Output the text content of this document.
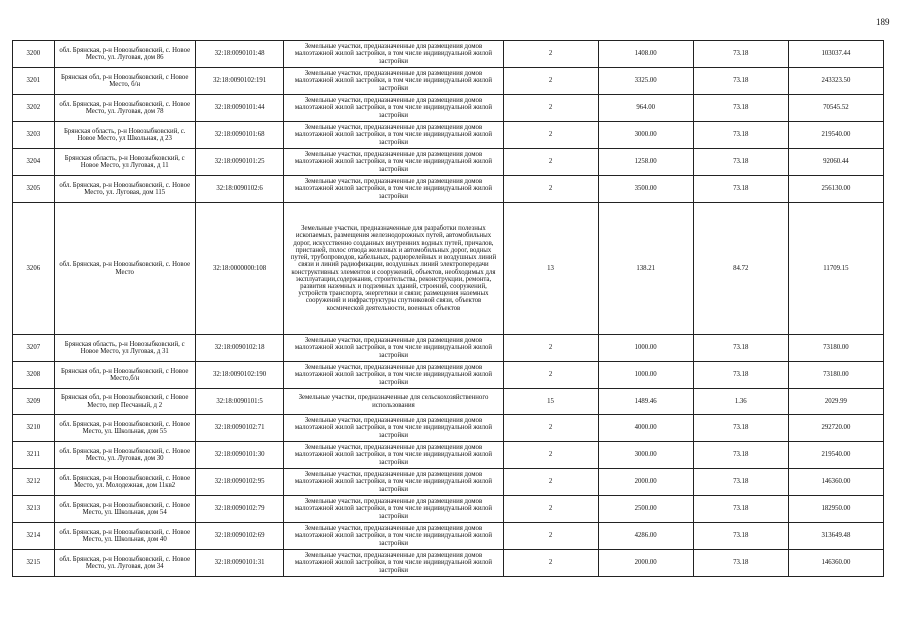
189
3200	обл. Брянская, р-н Новозыбковский, с. Новое Место, ул. Луговая, дом 86	32:18:0090101:48	Земельные участки, предназначенные для размещения домов малоэтажной жилой застройки, в том числе индивидуальной жилой застройки	2	1408.00	73.18	103037.44
3201	Брянская обл, р-н Новозыбковский, с Новое Место, б/н	32:18:0090102:191	Земельные участки, предназначенные для размещения домов малоэтажной жилой застройки, в том числе индивидуальной жилой застройки	2	3325.00	73.18	243323.50
3202	обл. Брянская, р-н Новозыбковский, с. Новое Место, ул. Луговая, дом 78	32:18:0090101:44	Земельные участки, предназначенные для размещения домов малоэтажной жилой застройки, в том числе индивидуальной жилой застройки	2	964.00	73.18	70545.52
3203	Брянская область, р-н Новозыбковский, с. Новое Место, ул Школьная, д 23	32:18:0090101:68	Земельные участки, предназначенные для размещения домов малоэтажной жилой застройки, в том числе индивидуальной жилой застройки	2	3000.00	73.18	219540.00
3204	Брянская область, р-н Новозыбковский, с Новое Место, ул Луговая, д 11	32:18:0090101:25	Земельные участки, предназначенные для размещения домов малоэтажной жилой застройки, в том числе индивидуальной жилой застройки	2	1258.00	73.18	92060.44
3205	обл. Брянская, р-н Новозыбковский, с. Новое Место, ул. Луговая, дом 115	32:18:0090102:6	Земельные участки, предназначенные для размещения домов малоэтажной жилой застройки, в том числе индивидуальной жилой застройки	2	3500.00	73.18	256130.00
3206	обл. Брянская, р-н Новозыбковский, с. Новое Место	32:18:0000000:108	Земельные участки, предназначенные для разработки полезных ископаемых, размещения железнодорожных путей, автомобильных дорог, искусственно созданных внутренних водных путей, причалов, пристаней, полос отвода железных и автомобильных дорог, водных путей, трубопроводов, кабельных, радиорелейных и воздушных линий связи и линий радиофикации, воздушных линий электропередачи конструктивных элементов и сооружений, объектов, необходимых для эксплуатации,содержания, строительства, реконструкции, ремонта, развития наземных и подземных зданий, строений, сооружений, устройств транспорта, энергетики и связи; размещения наземных сооружений и инфраструктуры спутниковой связи, объектов космической деятельности, военных объектов	13	138.21	84.72	11709.15
3207	Брянская область, р-н Новозыбковский, с Новое Место, ул Луговая, д 31	32:18:0090102:18	Земельные участки, предназначенные для размещения домов малоэтажной жилой застройки, в том числе индивидуальной жилой застройки	2	1000.00	73.18	73180.00
3208	Брянская обл, р-н Новозыбковский, с Новое Место,б/н	32:18:0090102:190	Земельные участки, предназначенные для размещения домов малоэтажной жилой застройки, в том числе индивидуальной жилой застройки	2	1000.00	73.18	73180.00
3209	Брянская обл, р-н Новозыбковский, с Новое Место, пер Песчаный, д 2	32:18:0090101:5	Земельные участки, предназначенные для сельскохозяйственного использования	15	1489.46	1.36	2029.99
3210	обл. Брянская, р-н Новозыбковский, с. Новое Место, ул. Школьная, дом 55	32:18:0090102:71	Земельные участки, предназначенные для размещения домов малоэтажной жилой застройки, в том числе индивидуальной жилой застройки	2	4000.00	73.18	292720.00
3211	обл. Брянская, р-н Новозыбковский, с. Новое Место, ул. Луговая, дом 30	32:18:0090101:30	Земельные участки, предназначенные для размещения домов малоэтажной жилой застройки, в том числе индивидуальной жилой застройки	2	3000.00	73.18	219540.00
3212	обл. Брянская, р-н Новозыбковский, с. Новое Место, ул. Молодежная, дом 11кв2	32:18:0090102:95	Земельные участки, предназначенные для размещения домов малоэтажной жилой застройки, в том числе индивидуальной жилой застройки	2	2000.00	73.18	146360.00
3213	обл. Брянская, р-н Новозыбковский, с. Новое Место, ул. Школьная, дом 54	32:18:0090102:79	Земельные участки, предназначенные для размещения домов малоэтажной жилой застройки, в том числе индивидуальной жилой застройки	2	2500.00	73.18	182950.00
3214	обл. Брянская, р-н Новозыбковский, с. Новое Место, ул. Школьная, дом 40	32:18:0090102:69	Земельные участки, предназначенные для размещения домов малоэтажной жилой застройки, в том числе индивидуальной жилой застройки	2	4286.00	73.18	313649.48
3215	обл. Брянская, р-н Новозыбковский, с. Новое Место, ул. Луговая, дом 34	32:18:0090101:31	Земельные участки, предназначенные для размещения домов малоэтажной жилой застройки, в том числе индивидуальной жилой застройки	2	2000.00	73.18	146360.00
